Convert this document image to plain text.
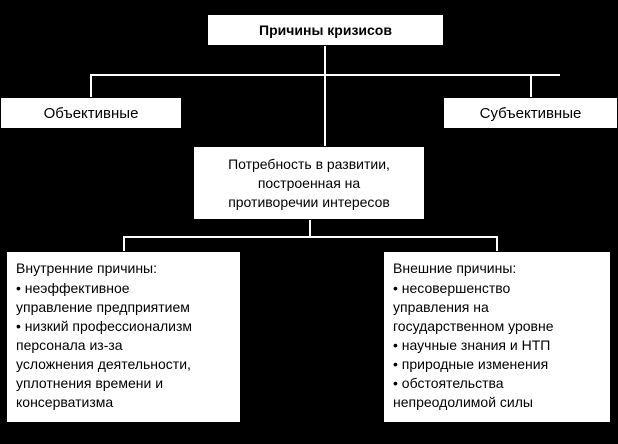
Причины кризисов
Объективные	Субъективные
Потребность в развитии,
построенная на
противоречии интересов
Внутренние причины:
• неэффективное
управление предприятием
• низкий профессионализм
персонала из-за
усложнения деятельности,
уплотнения времени и
консерватизма
Внешние причины:
• несовершенство
управления на
государственном уровне
• научные знания и НТП
• природные изменения
• обстоятельства
непреодолимой силы
